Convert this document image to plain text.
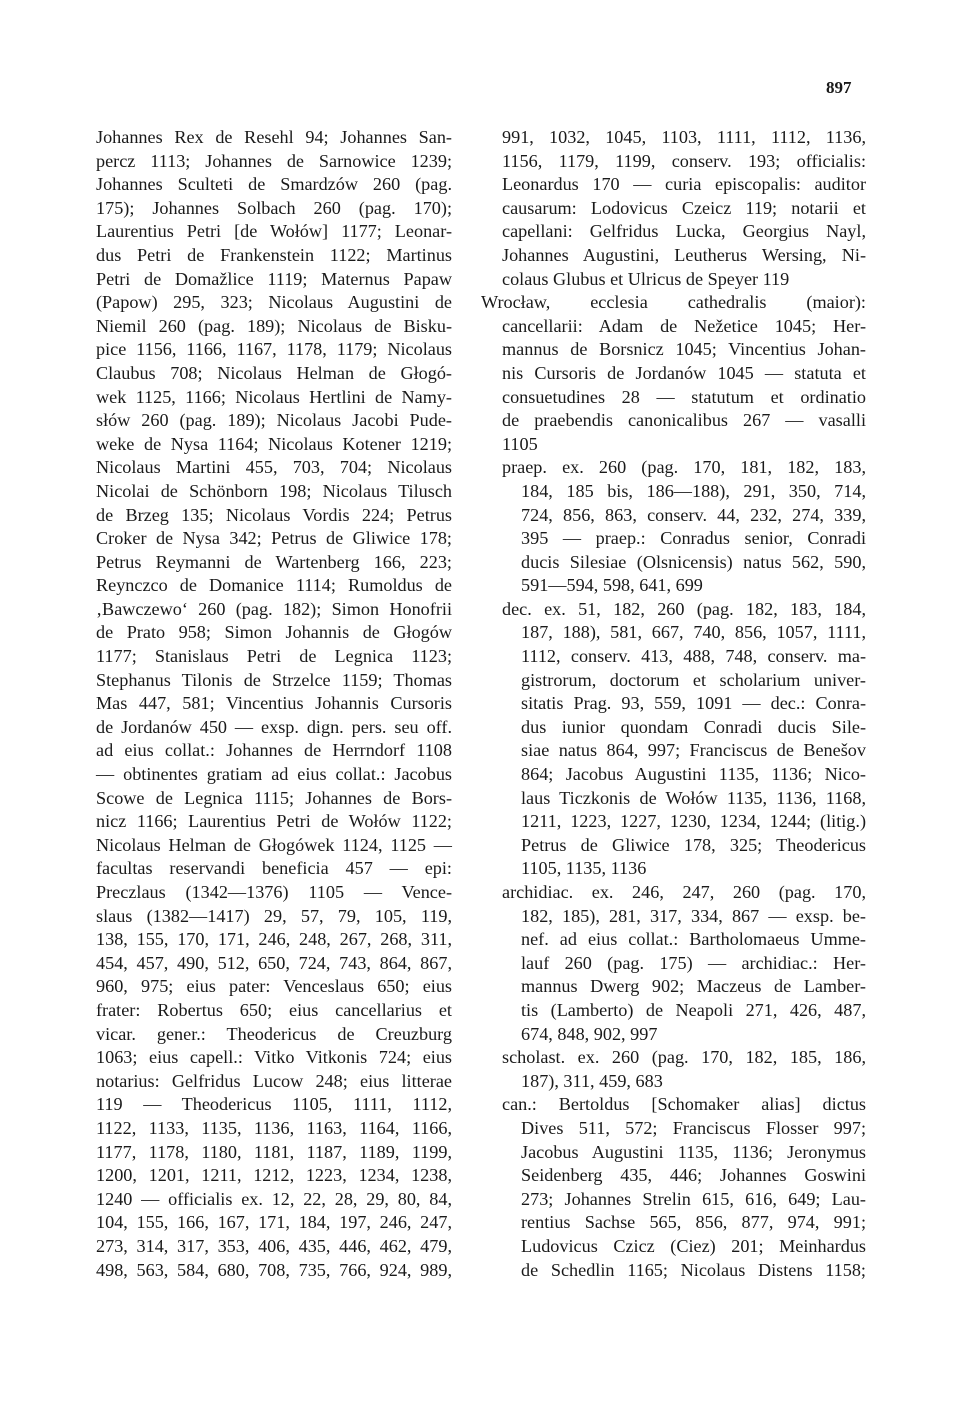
897
Johannes Rex de Resehl 94; Johannes San-
percz 1113; Johannes de Sarnowice 1239;
Johannes Sculteti de Smardzów 260 (pag.
175); Johannes Solbach 260 (pag. 170);
Laurentius Petri [de Wołów] 1177; Leonar-
dus Petri de Frankenstein 1122; Martinus
Petri de Domažlice 1119; Maternus Papaw
(Papow) 295, 323; Nicolaus Augustini de
Niemil 260 (pag. 189); Nicolaus de Bisku-
pice 1156, 1166, 1167, 1178, 1179; Nicolaus
Claubus 708; Nicolaus Helman de Głogó-
wek 1125, 1166; Nicolaus Hertlini de Namy-
słów 260 (pag. 189); Nicolaus Jacobi Pude-
weke de Nysa 1164; Nicolaus Kotener 1219;
Nicolaus Martini 455, 703, 704; Nicolaus
Nicolai de Schönborn 198; Nicolaus Tilusch
de Brzeg 135; Nicolaus Vordis 224; Petrus
Croker de Nysa 342; Petrus de Gliwice 178;
Petrus Reymanni de Wartenberg 166, 223;
Reynczco de Domanice 1114; Rumoldus de
‚Bawczewo‘ 260 (pag. 182); Simon Honofrii
de Prato 958; Simon Johannis de Głogów
1177; Stanislaus Petri de Legnica 1123;
Stephanus Tilonis de Strzelce 1159; Thomas
Mas 447, 581; Vincentius Johannis Cursoris
de Jordanów 450 — exsp. dign. pers. seu off.
ad eius collat.: Johannes de Herrndorf 1108
— obtinentes gratiam ad eius collat.: Jacobus
Scowe de Legnica 1115; Johannes de Bors-
nicz 1166; Laurentius Petri de Wołów 1122;
Nicolaus Helman de Głogówek 1124, 1125 —
facultas reservandi beneficia 457 — epi:
Preczlaus (1342—1376) 1105 — Vence-
slaus (1382—1417) 29, 57, 79, 105, 119,
138, 155, 170, 171, 246, 248, 267, 268, 311,
454, 457, 490, 512, 650, 724, 743, 864, 867,
960, 975; eius pater: Venceslaus 650; eius
frater: Robertus 650; eius cancellarius et
vicar. gener.: Theodericus de Creuzburg
1063; eius capell.: Vitko Vitkonis 724; eius
notarius: Gelfridus Lucow 248; eius litterae
119 — Theodericus 1105, 1111, 1112,
1122, 1133, 1135, 1136, 1163, 1164, 1166,
1177, 1178, 1180, 1181, 1187, 1189, 1199,
1200, 1201, 1211, 1212, 1223, 1234, 1238,
1240 — officialis ex. 12, 22, 28, 29, 80, 84,
104, 155, 166, 167, 171, 184, 197, 246, 247,
273, 314, 317, 353, 406, 435, 446, 462, 479,
498, 563, 584, 680, 708, 735, 766, 924, 989,
991, 1032, 1045, 1103, 1111, 1112, 1136,
1156, 1179, 1199, conserv. 193; officialis:
Leonardus 170 — curia episcopalis: auditor
causarum: Lodovicus Czeicz 119; notarii et
capellani: Gelfridus Lucka, Georgius Nayl,
Johannes Augustini, Leutherus Wersing, Ni-
colaus Glubus et Ulricus de Speyer 119
Wrocław, ecclesia cathedralis (maior):
cancellarii: Adam de Nežetice 1045; Her-
mannus de Borsnicz 1045; Vincentius Johan-
nis Cursoris de Jordanów 1045 — statuta et
consuetudines 28 — statutum et ordinatio
de praebendis canonicalibus 267 — vasalli
1105
praep. ex. 260 (pag. 170, 181, 182, 183,
184, 185 bis, 186—188), 291, 350, 714,
724, 856, 863, conserv. 44, 232, 274, 339,
395 — praep.: Conradus senior, Conradi
ducis Silesiae (Olsnicensis) natus 562, 590,
591—594, 598, 641, 699
dec. ex. 51, 182, 260 (pag. 182, 183, 184,
187, 188), 581, 667, 740, 856, 1057, 1111,
1112, conserv. 413, 488, 748, conserv. ma-
gistrorum, doctorum et scholarium univer-
sitatis Prag. 93, 559, 1091 — dec.: Conra-
dus iunior quondam Conradi ducis Sile-
siae natus 864, 997; Franciscus de Benešov
864; Jacobus Augustini 1135, 1136; Nico-
laus Ticzkonis de Wołów 1135, 1136, 1168,
1211, 1223, 1227, 1230, 1234, 1244; (litig.)
Petrus de Gliwice 178, 325; Theodericus
1105, 1135, 1136
archidiac. ex. 246, 247, 260 (pag. 170,
182, 185), 281, 317, 334, 867 — exsp. be-
nef. ad eius collat.: Bartholomaeus Umme-
lauf 260 (pag. 175) — archidiac.: Her-
mannus Dwerg 902; Maczeus de Lamber-
tis (Lamberto) de Neapoli 271, 426, 487,
674, 848, 902, 997
scholast. ex. 260 (pag. 170, 182, 185, 186,
187), 311, 459, 683
can.: Bertoldus [Schomaker alias] dictus
Dives 511, 572; Franciscus Flosser 997;
Jacobus Augustini 1135, 1136; Jeronymus
Seidenberg 435, 446; Johannes Goswini
273; Johannes Strelin 615, 616, 649; Lau-
rentius Sachse 565, 856, 877, 974, 991;
Ludovicus Czicz (Ciez) 201; Meinhardus
de Schedlin 1165; Nicolaus Distens 1158;
